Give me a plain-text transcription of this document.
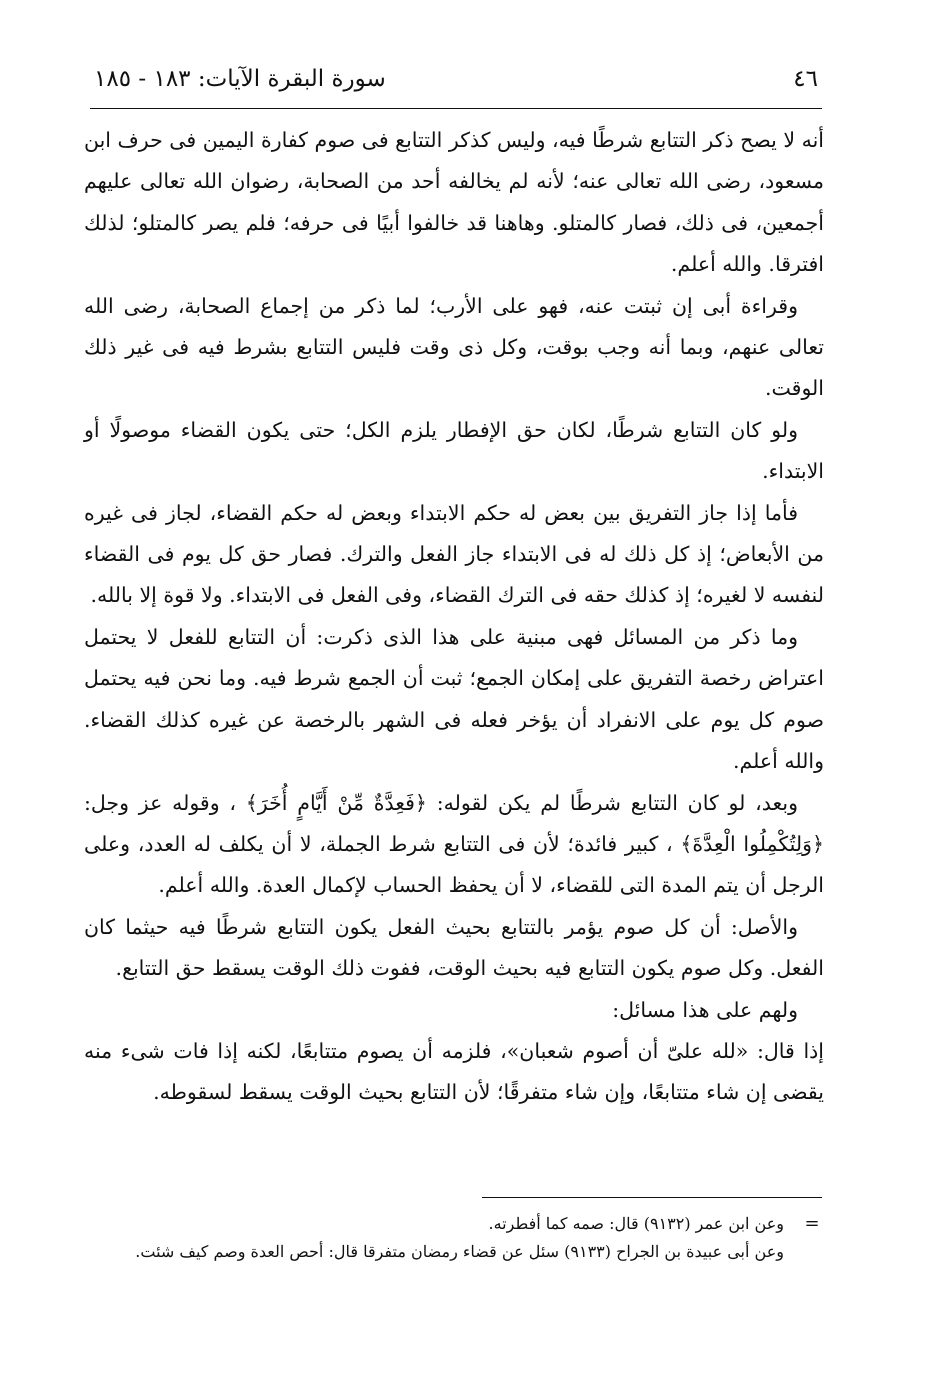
٤٦
سورة البقرة الآيات: ١٨٣ - ١٨٥

أنه لا يصح ذكر التتابع شرطًا فيه، وليس كذكر التتابع فى صوم كفارة اليمين فى حرف ابن مسعود، رضى الله تعالى عنه؛ لأنه لم يخالفه أحد من الصحابة، رضوان الله تعالى عليهم أجمعين، فى ذلك، فصار كالمتلو. وهاهنا قد خالفوا أبيًا فى حرفه؛ فلم يصر كالمتلو؛ لذلك افترقا. والله أعلم.

وقراءة أبى إن ثبتت عنه، فهو على الأرب؛ لما ذكر من إجماع الصحابة، رضى الله تعالى عنهم، وبما أنه وجب بوقت، وكل ذى وقت فليس التتابع بشرط فيه فى غير ذلك الوقت.

ولو كان التتابع شرطًا، لكان حق الإفطار يلزم الكل؛ حتى يكون القضاء موصولًا أو الابتداء.

فأما إذا جاز التفريق بين بعض له حكم الابتداء وبعض له حكم القضاء، لجاز فى غيره من الأبعاض؛ إذ كل ذلك له فى الابتداء جاز الفعل والترك. فصار حق كل يوم فى القضاء لنفسه لا لغيره؛ إذ كذلك حقه فى الترك القضاء، وفى الفعل فى الابتداء. ولا قوة إلا بالله.

وما ذكر من المسائل فهى مبنية على هذا الذى ذكرت: أن التتابع للفعل لا يحتمل اعتراض رخصة التفريق على إمكان الجمع؛ ثبت أن الجمع شرط فيه. وما نحن فيه يحتمل صوم كل يوم على الانفراد أن يؤخر فعله فى الشهر بالرخصة عن غيره كذلك القضاء. والله أعلم.

وبعد، لو كان التتابع شرطًا لم يكن لقوله: ﴿فَعِدَّةٌ مِّنْ أَيَّامٍ أُخَرَ﴾ ، وقوله عز وجل: ﴿وَلِتُكْمِلُوا الْعِدَّةَ﴾ ، كبير فائدة؛ لأن فى التتابع شرط الجملة، لا أن يكلف له العدد، وعلى الرجل أن يتم المدة التى للقضاء، لا أن يحفظ الحساب لإكمال العدة. والله أعلم.

والأصل: أن كل صوم يؤمر بالتتابع بحيث الفعل يكون التتابع شرطًا فيه حيثما كان الفعل. وكل صوم يكون التتابع فيه بحيث الوقت، ففوت ذلك الوقت يسقط حق التتابع.

ولهم على هذا مسائل:

إذا قال: «لله علىّ أن أصوم شعبان»، فلزمه أن يصوم متتابعًا، لكنه إذا فات شىء منه يقضى إن شاء متتابعًا، وإن شاء متفرقًا؛ لأن التتابع بحيث الوقت يسقط لسقوطه.

=
وعن ابن عمر (٩١٣٢) قال: صمه كما أفطرته.
وعن أبى عبيدة بن الجراح (٩١٣٣) سئل عن قضاء رمضان متفرقا قال: أحص العدة وصم كيف شئت.
